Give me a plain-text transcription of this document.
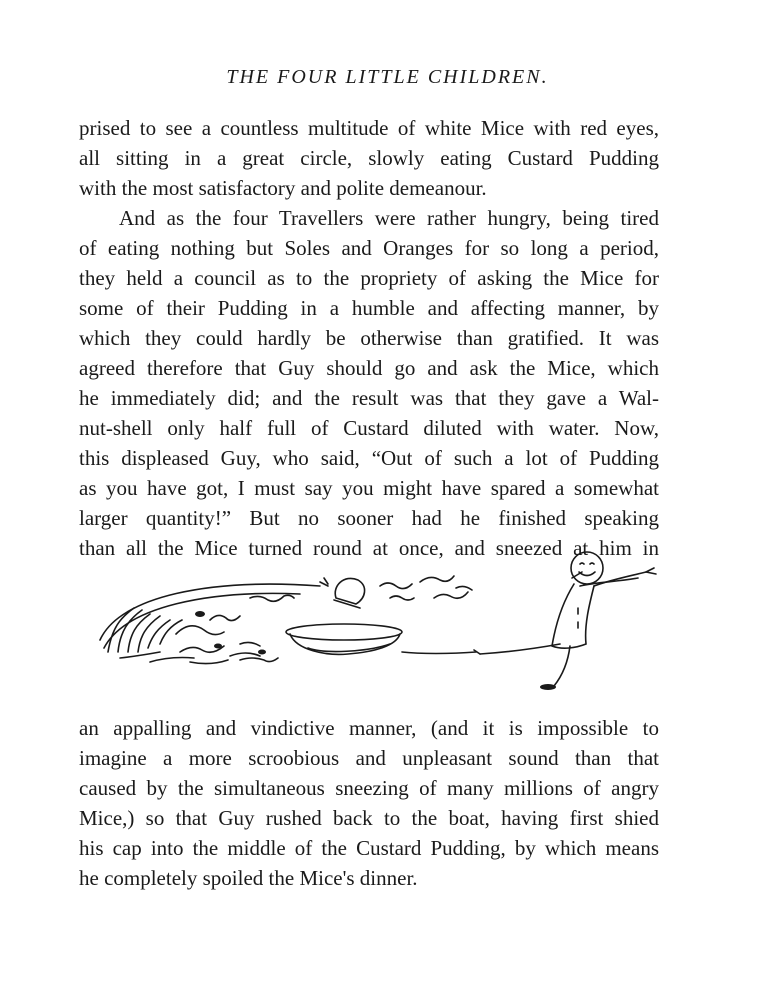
THE FOUR LITTLE CHILDREN.
prised to see a countless multitude of white Mice with red eyes,
all sitting in a great circle, slowly eating Custard Pudding
with the most satisfactory and polite demeanour.
And as the four Travellers were rather hungry, being tired
of eating nothing but Soles and Oranges for so long a period,
they held a council as to the propriety of asking the Mice for
some of their Pudding in a humble and affecting manner, by
which they could hardly be otherwise than gratified. It was
agreed therefore that Guy should go and ask the Mice, which
he immediately did; and the result was that they gave a Wal-
nut-shell only half full of Custard diluted with water. Now,
this displeased Guy, who said, “Out of such a lot of Pudding
as you have got, I must say you might have spared a somewhat
larger quantity!” But no sooner had he finished speaking
than all the Mice turned round at once, and sneezed at him in
an appalling and vindictive manner, (and it is impossible to
imagine a more scroobious and unpleasant sound than that
caused by the simultaneous sneezing of many millions of angry
Mice,) so that Guy rushed back to the boat, having first shied
his cap into the middle of the Custard Pudding, by which means
he completely spoiled the Mice's dinner.
